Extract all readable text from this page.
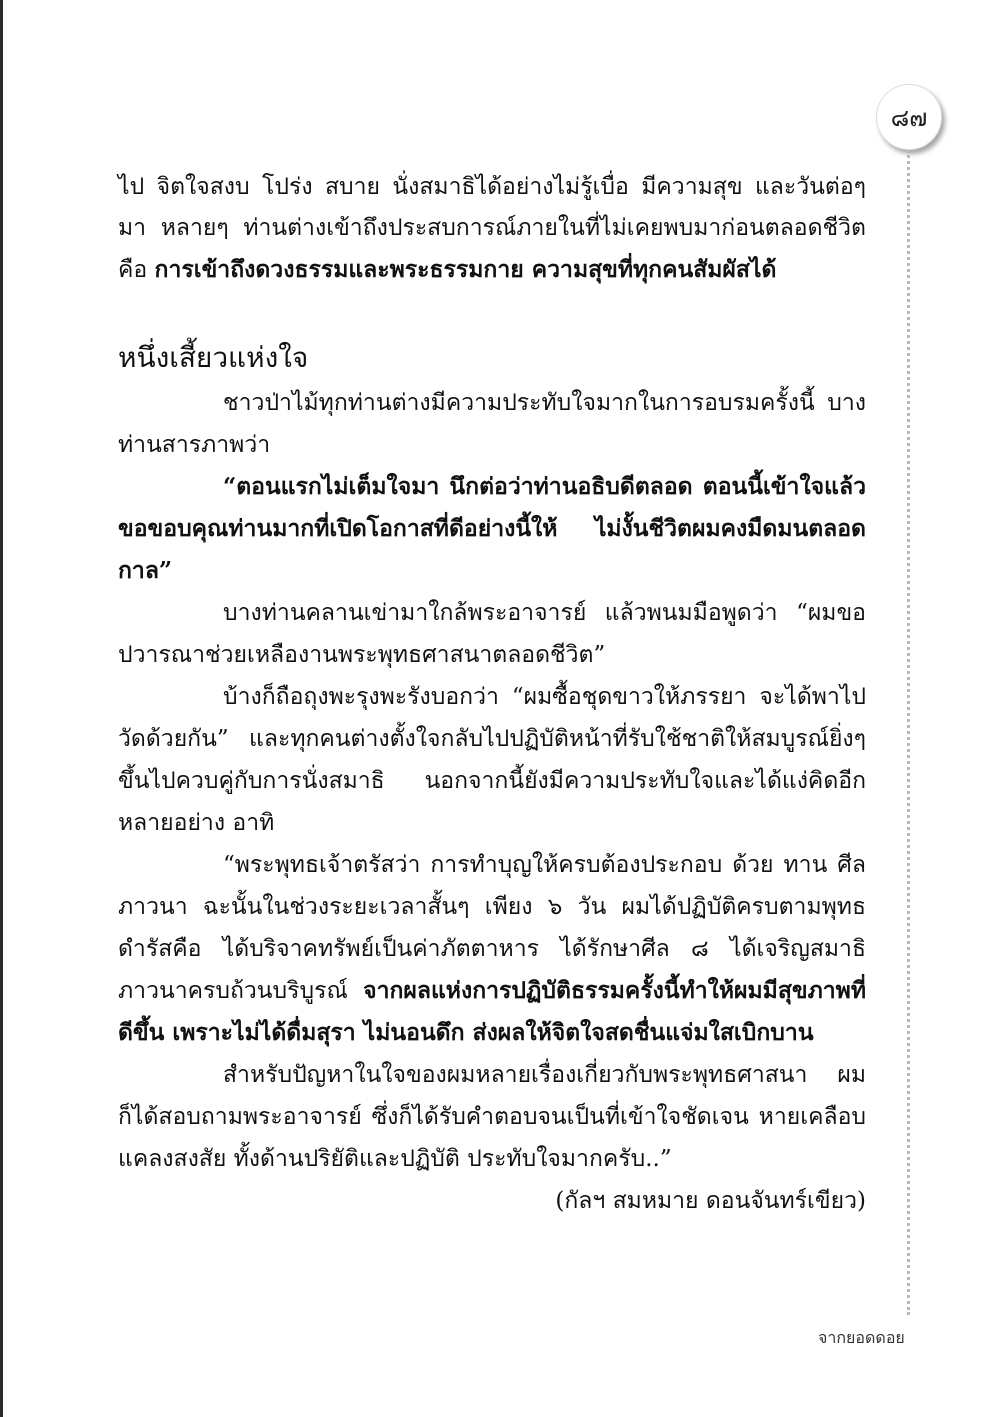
๘๗

ไป จิตใจสงบ โปร่ง สบาย นั่งสมาธิได้อย่างไม่รู้เบื่อ มีความสุข และวันต่อๆ มา หลายๆ ท่านต่างเข้าถึงประสบการณ์ภายในที่ไม่เคยพบมาก่อนตลอดชีวิตคือ การเข้าถึงดวงธรรมและพระธรรมกาย ความสุขที่ทุกคนสัมผัสได้

หนึ่งเสี้ยวแห่งใจ

ชาวป่าไม้ทุกท่านต่างมีความประทับใจมากในการอบรมครั้งนี้ บางท่านสารภาพว่า

“ตอนแรกไม่เต็มใจมา นึกต่อว่าท่านอธิบดีตลอด ตอนนี้เข้าใจแล้ว ขอขอบคุณท่านมากที่เปิดโอกาสที่ดีอย่างนี้ให้ ไม่งั้นชีวิตผมคงมืดมนตลอดกาล”

บางท่านคลานเข่ามาใกล้พระอาจารย์ แล้วพนมมือพูดว่า “ผมขอปวารณาช่วยเหลืองานพระพุทธศาสนาตลอดชีวิต”

บ้างก็ถือถุงพะรุงพะรังบอกว่า “ผมซื้อชุดขาวให้ภรรยา จะได้พาไปวัดด้วยกัน” และทุกคนต่างตั้งใจกลับไปปฏิบัติหน้าที่รับใช้ชาติให้สมบูรณ์ยิ่งๆ ขึ้นไปควบคู่กับการนั่งสมาธิ นอกจากนี้ยังมีความประทับใจและได้แง่คิดอีกหลายอย่าง อาทิ

“พระพุทธเจ้าตรัสว่า การทำบุญให้ครบต้องประกอบ ด้วย ทาน ศีล ภาวนา ฉะนั้นในช่วงระยะเวลาสั้นๆ เพียง ๖ วัน ผมได้ปฏิบัติครบตามพุทธดำรัสคือ ได้บริจาคทรัพย์เป็นค่าภัตตาหาร ได้รักษาศีล ๘ ได้เจริญสมาธิภาวนาครบถ้วนบริบูรณ์ จากผลแห่งการปฏิบัติธรรมครั้งนี้ทำให้ผมมีสุขภาพที่ดีขึ้น เพราะไม่ได้ดื่มสุรา ไม่นอนดึก ส่งผลให้จิตใจสดชื่นแจ่มใสเบิกบาน

สำหรับปัญหาในใจของผมหลายเรื่องเกี่ยวกับพระพุทธศาสนา ผมก็ได้สอบถามพระอาจารย์ ซึ่งก็ได้รับคำตอบจนเป็นที่เข้าใจชัดเจน หายเคลือบแคลงสงสัย ทั้งด้านปริยัติและปฏิบัติ ประทับใจมากครับ..”

(กัลฯ สมหมาย ดอนจันทร์เขียว)

จากยอดดอย
